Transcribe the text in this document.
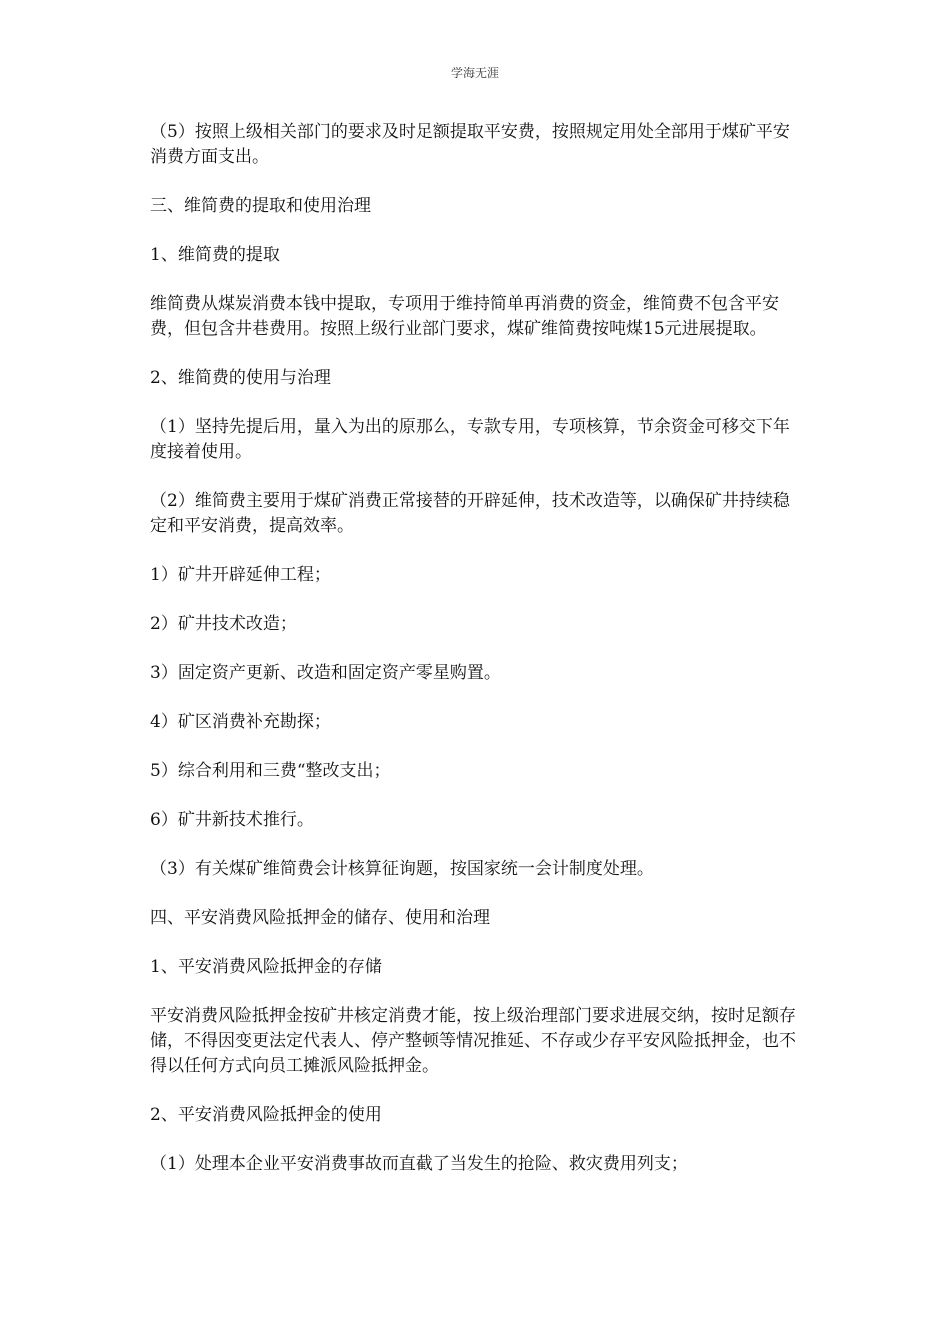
学海无涯

（5）按照上级相关部门的要求及时足额提取平安费，按照规定用处全部用于煤矿平安消费方面支出。

三、维简费的提取和使用治理

1、维简费的提取

维简费从煤炭消费本钱中提取，专项用于维持简单再消费的资金，维简费不包含平安费，但包含井巷费用。按照上级行业部门要求，煤矿维简费按吨煤15元进展提取。

2、维简费的使用与治理

（1）坚持先提后用，量入为出的原那么，专款专用，专项核算，节余资金可移交下年度接着使用。

（2）维简费主要用于煤矿消费正常接替的开辟延伸，技术改造等，以确保矿井持续稳定和平安消费，提高效率。

1）矿井开辟延伸工程；

2）矿井技术改造；

3）固定资产更新、改造和固定资产零星购置。

4）矿区消费补充勘探；

5）综合利用和三费“整改支出；

6）矿井新技术推行。

（3）有关煤矿维简费会计核算征询题，按国家统一会计制度处理。

四、平安消费风险抵押金的储存、使用和治理

1、平安消费风险抵押金的存储

平安消费风险抵押金按矿井核定消费才能，按上级治理部门要求进展交纳，按时足额存储，不得因变更法定代表人、停产整顿等情况推延、不存或少存平安风险抵押金，也不得以任何方式向员工摊派风险抵押金。

2、平安消费风险抵押金的使用

（1）处理本企业平安消费事故而直截了当发生的抢险、救灾费用列支；
